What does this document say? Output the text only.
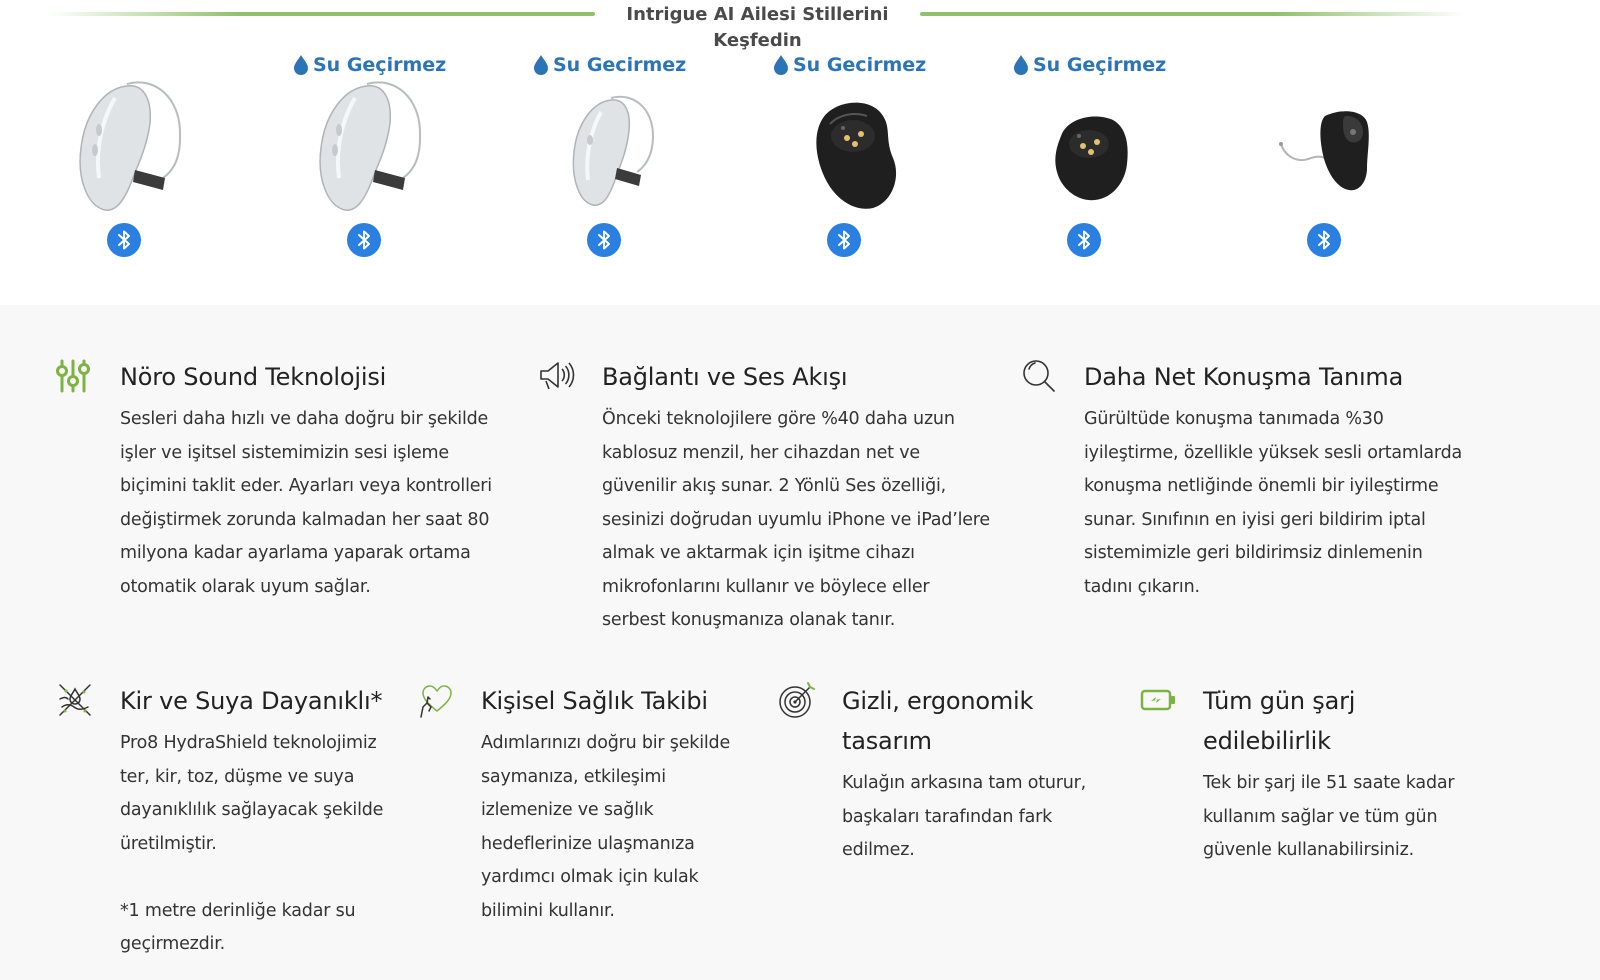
Intrigue AI Ailesi Stillerini Keşfedin
Su Geçirmez	Su Gecirmez	Su Gecirmez	Su Geçirmez
Nöro Sound Teknolojisi

Sesleri daha hızlı ve daha doğru bir şekilde
işler ve işitsel sistemimizin sesi işleme
biçimini taklit eder. Ayarları veya kontrolleri
değiştirmek zorunda kalmadan her saat 80
milyona kadar ayarlama yaparak ortama
otomatik olarak uyum sağlar.

Bağlantı ve Ses Akışı

Önceki teknolojilere göre %40 daha uzun
kablosuz menzil, her cihazdan net ve
güvenilir akış sunar. 2 Yönlü Ses özelliği,
sesinizi doğrudan uyumlu iPhone ve iPad’lere
almak ve aktarmak için işitme cihazı
mikrofonlarını kullanır ve böylece eller
serbest konuşmanıza olanak tanır.

Daha Net Konuşma Tanıma

Gürültüde konuşma tanımada %30
iyileştirme, özellikle yüksek sesli ortamlarda
konuşma netliğinde önemli bir iyileştirme
sunar. Sınıfının en iyisi geri bildirim iptal
sistemimizle geri bildirimsiz dinlemenin
tadını çıkarın.

Kir ve Suya Dayanıklı*

Pro8 HydraShield teknolojimiz
ter, kir, toz, düşme ve suya
dayanıklılık sağlayacak şekilde
üretilmiştir.
*1 metre derinliğe kadar su
geçirmezdir.

Kişisel Sağlık Takibi

Adımlarınızı doğru bir şekilde
saymanıza, etkileşimi
izlemenize ve sağlık
hedeflerinize ulaşmanıza
yardımcı olmak için kulak
bilimini kullanır.

Gizli, ergonomik
tasarım

Kulağın arkasına tam oturur,
başkaları tarafından fark
edilmez.

Tüm gün şarj
edilebilirlik

Tek bir şarj ile 51 saate kadar
kullanım sağlar ve tüm gün
güvenle kullanabilirsiniz.
